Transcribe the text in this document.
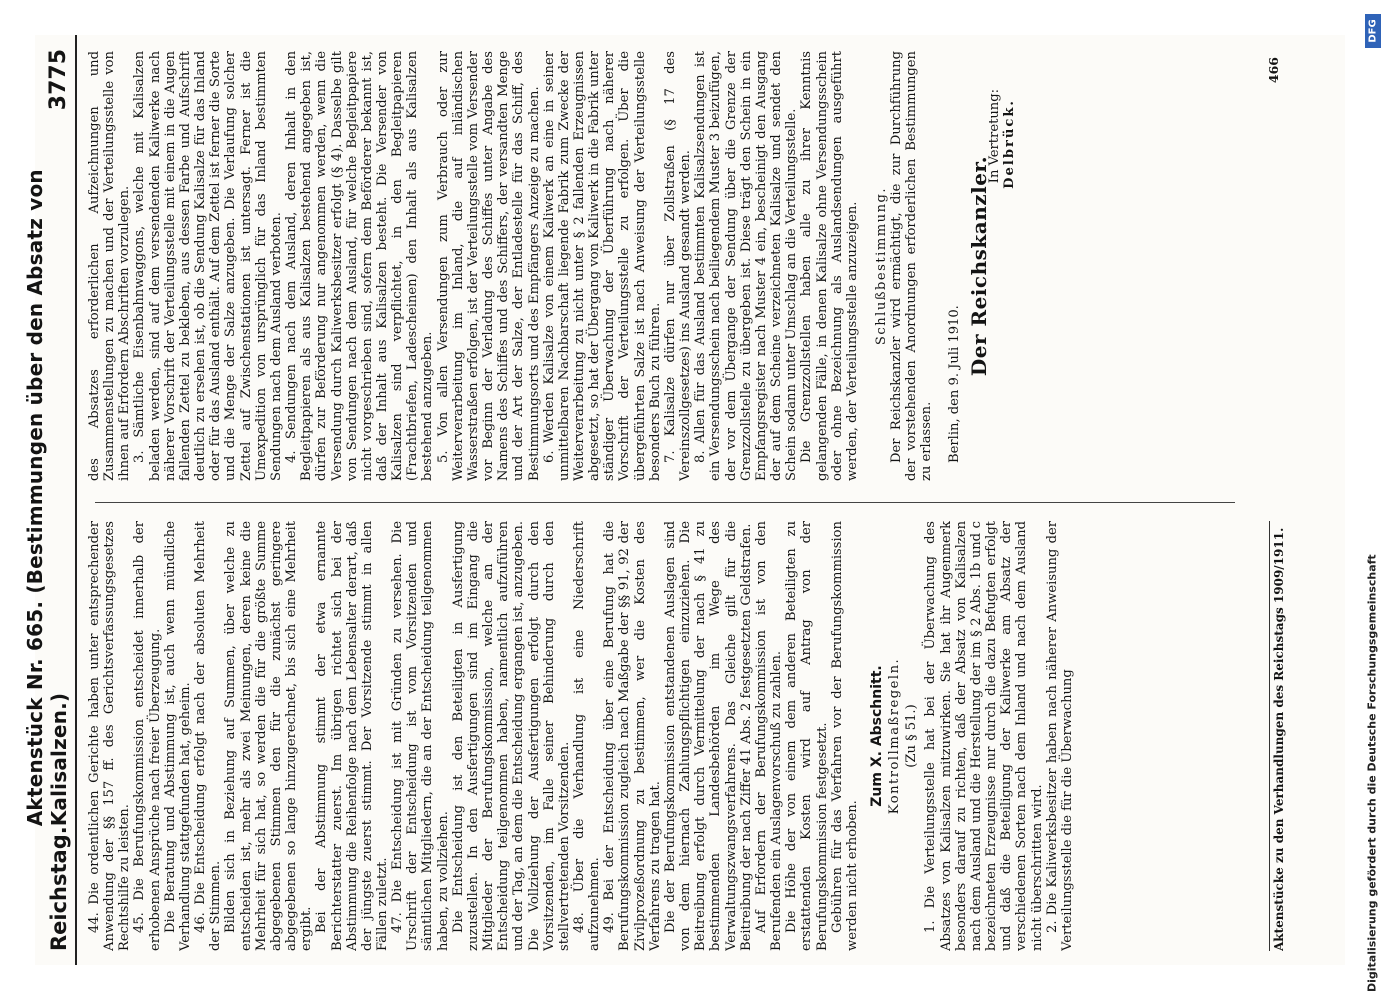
Reichstag.
Aktenstück Nr. 665. (Bestimmungen über den Absatz von Kalisalzen.)
3775

44. Die ordentlichen Gerichte haben unter entsprechender Anwendung der §§ 157 ff. des Gerichtsverfassungsgesetzes Rechtshilfe zu leisten. 45. Die Berufungskommission entscheidet innerhalb der erhobenen Ansprüche nach freier Überzeugung. Die Beratung und Abstimmung ist, auch wenn mündliche Verhandlung stattgefunden hat, geheim. 46. Die Entscheidung erfolgt nach der absoluten Mehrheit der Stimmen. Bilden sich in Beziehung auf Summen, über welche zu entscheiden ist, mehr als zwei Meinungen, deren keine die Mehrheit für sich hat, so werden die für die größte Summe abgegebenen Stimmen den für die zunächst geringere abgegebenen so lange hinzugerechnet, bis sich eine Mehrheit ergibt. Bei der Abstimmung stimmt der etwa ernannte Berichterstatter zuerst. Im übrigen richtet sich bei der Abstimmung die Reihenfolge nach dem Lebensalter derart, daß der jüngste zuerst stimmt. Der Vorsitzende stimmt in allen Fällen zuletzt. 47. Die Entscheidung ist mit Gründen zu versehen. Die Urschrift der Entscheidung ist vom Vorsitzenden und sämtlichen Mitgliedern, die an der Entscheidung teilgenommen haben, zu vollziehen. Die Entscheidung ist den Beteiligten in Ausfertigung zuzustellen. In den Ausfertigungen sind im Eingang die Mitglieder der Berufungskommission, welche an der Entscheidung teilgenommen haben, namentlich aufzuführen und der Tag, an dem die Entscheidung ergangen ist, anzugeben. Die Vollziehung der Ausfertigungen erfolgt durch den Vorsitzenden, im Falle seiner Behinderung durch den stellvertretenden Vorsitzenden. 48. Über die Verhandlung ist eine Niederschrift aufzunehmen. 49. Bei der Entscheidung über eine Berufung hat die Berufungskommission zugleich nach Maßgabe der §§ 91, 92 der Zivilprozeßordnung zu bestimmen, wer die Kosten des Verfahrens zu tragen hat. Die der Berufungskommission entstandenen Auslagen sind von dem hiernach Zahlungspflichtigen einzuziehen. Die Beitreibung erfolgt durch Vermittelung der nach § 41 zu bestimmenden Landesbehörden im Wege des Verwaltungszwangsverfahrens. Das Gleiche gilt für die Beitreibung der nach Ziffer 41 Abs. 2 festgesetzten Geldstrafen. Auf Erfordern der Berufungskommission ist von den Berufenden ein Auslagenvorschuß zu zahlen. Die Höhe der von einem dem anderen Beteiligten zu erstattenden Kosten wird auf Antrag von der Berufungskommission festgesetzt. Gebühren für das Verfahren vor der Berufungskommission werden nicht erhoben.

Zum X. Abschnitt. Kontrollmaßregeln. (Zu § 51.) 1. Die Verteilungsstelle hat bei der Überwachung des Absatzes von Kalisalzen mitzuwirken. Sie hat ihr Augenmerk besonders darauf zu richten, daß der Absatz von Kalisalzen nach dem Ausland und die Herstellung der im § 2 Abs. 1b und c bezeichneten Erzeugnisse nur durch die dazu Befugten erfolgt und daß die Beteiligung der Kaliwerke am Absatz der verschiedenen Sorten nach dem Inland und nach dem Ausland nicht überschritten wird. 2. Die Kaliwerksbesitzer haben nach näherer Anweisung der Verteilungsstelle die für die Überwachung	Aktenstücke zu den Verhandlungen des Reichstags 1909/1911.

des Absatzes erforderlichen Aufzeichnungen und Zusammenstellungen zu machen und der Verteilungsstelle von ihnen auf Erfordern Abschriften vorzulegen. 3. Sämtliche Eisenbahnwaggons, welche mit Kalisalzen beladen werden, sind auf dem versendenden Kaliwerke nach näherer Vorschrift der Verteilungsstelle mit einem in die Augen fallenden Zettel zu bekleben, aus dessen Farbe und Aufschrift deutlich zu ersehen ist, ob die Sendung Kalisalze für das Inland oder für das Ausland enthält. Auf dem Zettel ist ferner die Sorte und die Menge der Salze anzugeben. Die Verlaufung solcher Zettel auf Zwischenstationen ist untersagt. Ferner ist die Umexpedition von ursprünglich für das Inland bestimmten Sendungen nach dem Ausland verboten. 4. Sendungen nach dem Ausland, deren Inhalt in den Begleitpapieren als aus Kalisalzen bestehend angegeben ist, dürfen zur Beförderung nur angenommen werden, wenn die Versendung durch Kaliwerksbesitzer erfolgt (§ 4). Dasselbe gilt von Sendungen nach dem Ausland, für welche Begleitpapiere nicht vorgeschrieben sind, sofern dem Beförderer bekannt ist, daß der Inhalt aus Kalisalzen besteht. Die Versender von Kalisalzen sind verpflichtet, in den Begleitpapieren (Frachtbriefen, Ladescheinen) den Inhalt als aus Kalisalzen bestehend anzugeben. 5. Von allen Versendungen zum Verbrauch oder zur Weiterverarbeitung im Inland, die auf inländischen Wasserstraßen erfolgen, ist der Verteilungsstelle vom Versender vor Beginn der Verladung des Schiffes unter Angabe des Namens des Schiffes und des Schiffers, der versandten Menge und der Art der Salze, der Entladestelle für das Schiff, des Bestimmungsorts und des Empfängers Anzeige zu machen. 6. Werden Kalisalze von einem Kaliwerk an eine in seiner unmittelbaren Nachbarschaft liegende Fabrik zum Zwecke der Weiterverarbeitung zu nicht unter § 2 fallenden Erzeugnissen abgesetzt, so hat der Übergang von Kaliwerk in die Fabrik unter ständiger Überwachung der Überführung nach näherer Vorschrift der Verteilungsstelle zu erfolgen. Über die übergeführten Salze ist nach Anweisung der Verteilungsstelle besonders Buch zu führen. 7. Kalisalze dürfen nur über Zollstraßen (§ 17 des Vereinszollgesetzes) ins Ausland gesandt werden. 8. Allen für das Ausland bestimmten Kalisalzsendungen ist ein Versendungsschein nach beiliegendem Muster 3 beizufügen, der vor dem Übergange der Sendung über die Grenze der Grenzzollstelle zu übergeben ist. Diese trägt den Schein in ein Empfangsregister nach Muster 4 ein, bescheinigt den Ausgang der auf dem Scheine verzeichneten Kalisalze und sendet den Schein sodann unter Umschlag an die Verteilungsstelle. Die Grenzzollstellen haben alle zu ihrer Kenntnis gelangenden Fälle, in denen Kalisalze ohne Versendungsschein oder ohne Bezeichnung als Auslandsendungen ausgeführt werden, der Verteilungsstelle anzuzeigen. Schlußbestimmung. Der Reichskanzler wird ermächtigt, die zur Durchführung der vorstehenden Anordnungen erforderlichen Bestimmungen zu erlassen. Berlin, den 9. Juli 1910.

Der Reichskanzler.

In Vertretung: Delbrück.

466
Digitalisierung gefördert durch die Deutsche Forschungsgemeinschaft
DFG
